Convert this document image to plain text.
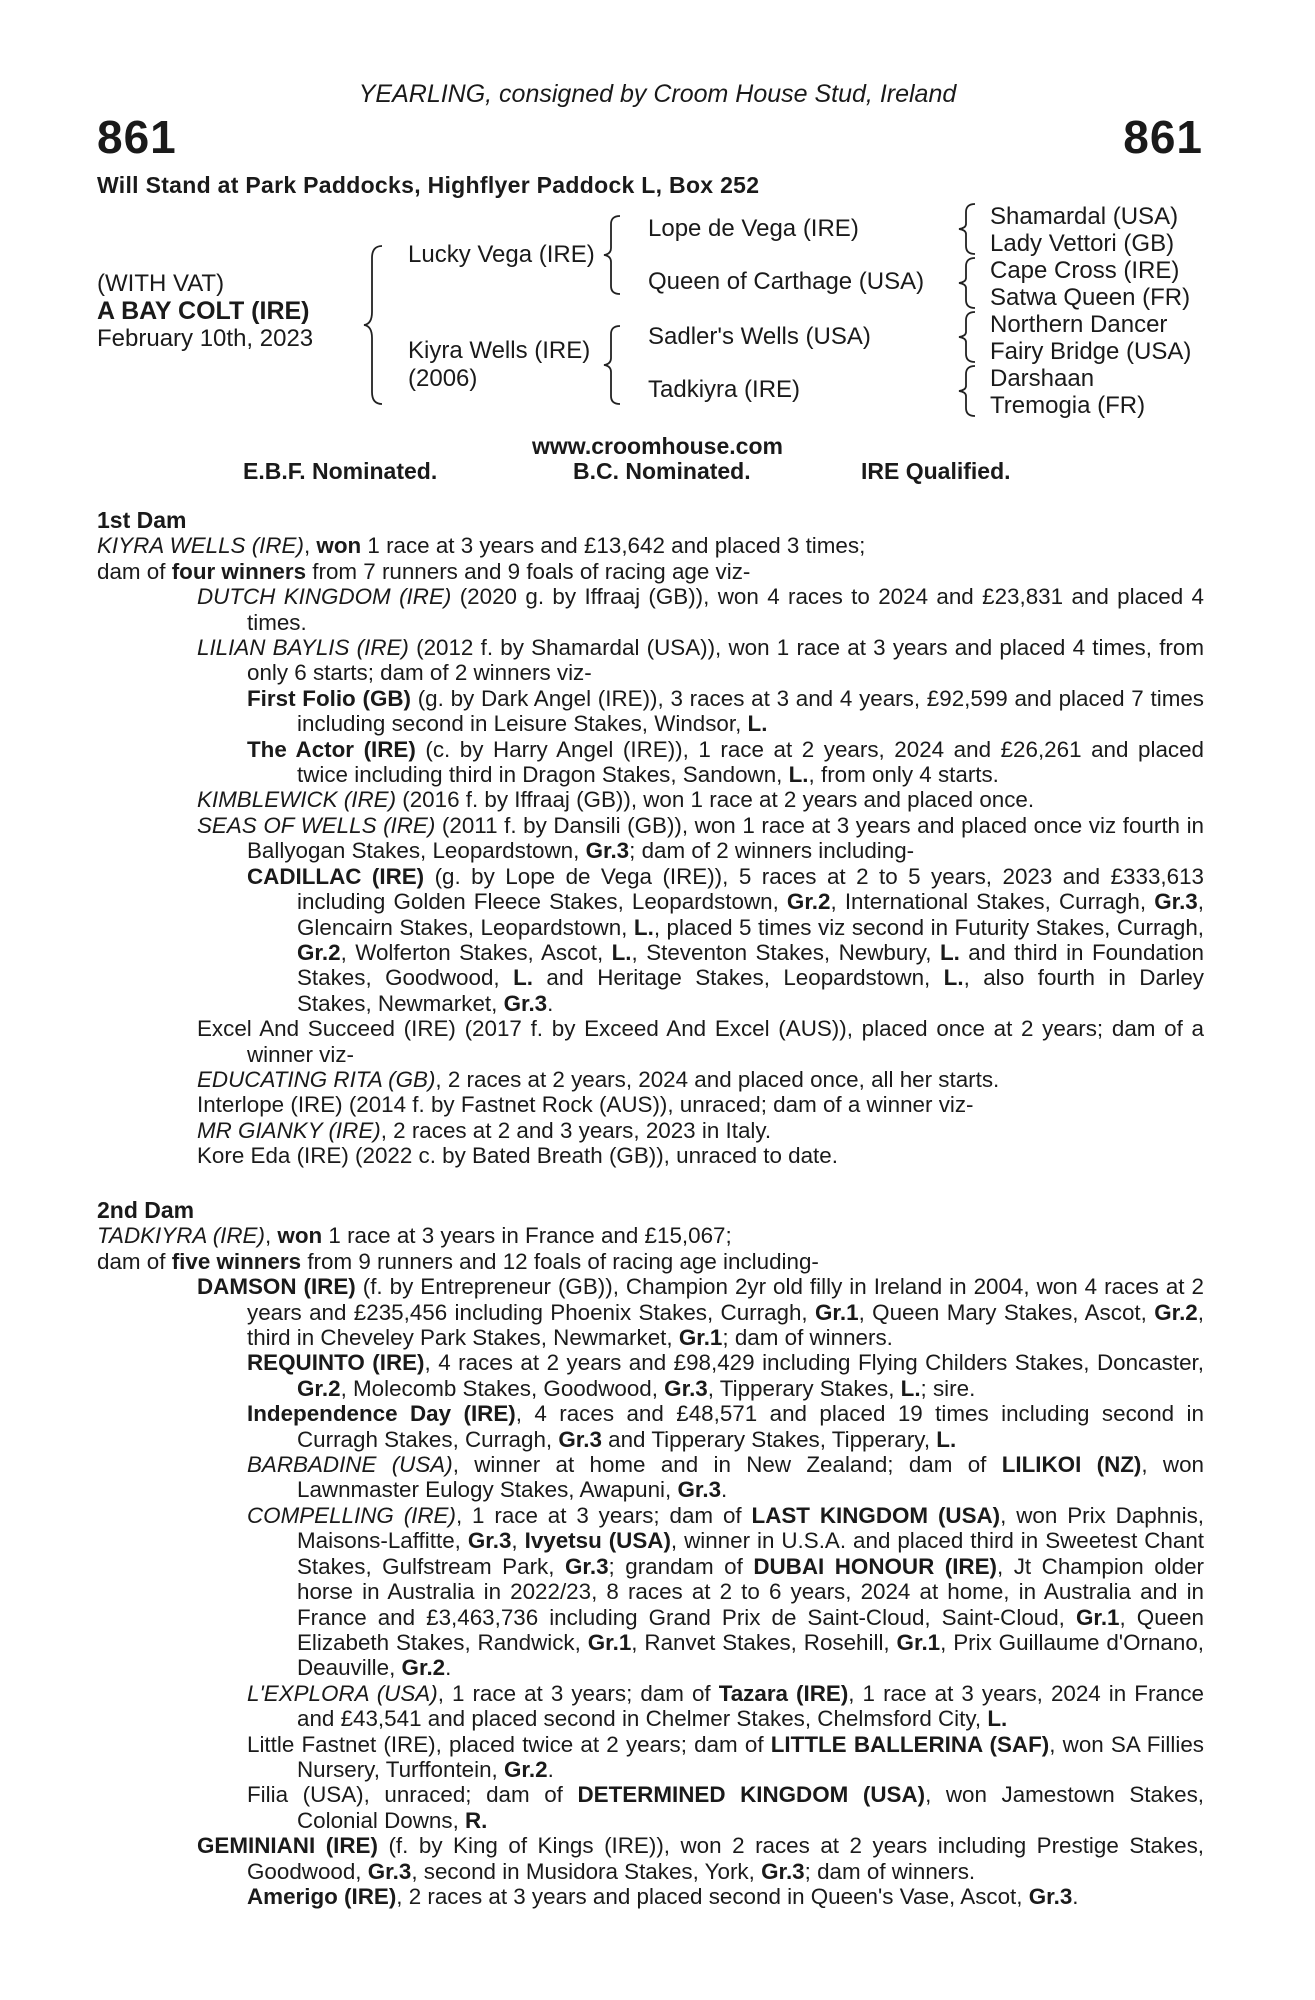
YEARLING, consigned by Croom House Stud, Ireland
861	861
Will Stand at Park Paddocks, Highflyer Paddock L, Box 252
(WITH VAT)
A BAY COLT (IRE)
February 10th, 2023
Lucky Vega (IRE)
Kiyra Wells (IRE)
(2006)
Lope de Vega (IRE)
Queen of Carthage (USA)
Sadler's Wells (USA)
Tadkiyra (IRE)
Shamardal (USA)
Lady Vettori (GB)
Cape Cross (IRE)
Satwa Queen (FR)
Northern Dancer
Fairy Bridge (USA)
Darshaan
Tremogia (FR)
www.croomhouse.com
E.B.F. Nominated.	B.C. Nominated.	IRE Qualified.
1st Dam
KIYRA WELLS (IRE), won 1 race at 3 years and £13,642 and placed 3 times;
dam of four winners from 7 runners and 9 foals of racing age viz-
DUTCH KINGDOM (IRE) (2020 g. by Iffraaj (GB)), won 4 races to 2024 and £23,831 and placed 4 times.
LILIAN BAYLIS (IRE) (2012 f. by Shamardal (USA)), won 1 race at 3 years and placed 4 times, from only 6 starts; dam of 2 winners viz-
First Folio (GB) (g. by Dark Angel (IRE)), 3 races at 3 and 4 years, £92,599 and placed 7 times including second in Leisure Stakes, Windsor, L.
The Actor (IRE) (c. by Harry Angel (IRE)), 1 race at 2 years, 2024 and £26,261 and placed twice including third in Dragon Stakes, Sandown, L., from only 4 starts.
KIMBLEWICK (IRE) (2016 f. by Iffraaj (GB)), won 1 race at 2 years and placed once.
SEAS OF WELLS (IRE) (2011 f. by Dansili (GB)), won 1 race at 3 years and placed once viz fourth in Ballyogan Stakes, Leopardstown, Gr.3; dam of 2 winners including-
CADILLAC (IRE) (g. by Lope de Vega (IRE)), 5 races at 2 to 5 years, 2023 and £333,613 including Golden Fleece Stakes, Leopardstown, Gr.2, International Stakes, Curragh, Gr.3, Glencairn Stakes, Leopardstown, L., placed 5 times viz second in Futurity Stakes, Curragh, Gr.2, Wolferton Stakes, Ascot, L., Steventon Stakes, Newbury, L. and third in Foundation Stakes, Goodwood, L. and Heritage Stakes, Leopardstown, L., also fourth in Darley Stakes, Newmarket, Gr.3.
Excel And Succeed (IRE) (2017 f. by Exceed And Excel (AUS)), placed once at 2 years; dam of a winner viz-
EDUCATING RITA (GB), 2 races at 2 years, 2024 and placed once, all her starts.
Interlope (IRE) (2014 f. by Fastnet Rock (AUS)), unraced; dam of a winner viz-
MR GIANKY (IRE), 2 races at 2 and 3 years, 2023 in Italy.
Kore Eda (IRE) (2022 c. by Bated Breath (GB)), unraced to date.
2nd Dam
TADKIYRA (IRE), won 1 race at 3 years in France and £15,067;
dam of five winners from 9 runners and 12 foals of racing age including-
DAMSON (IRE) (f. by Entrepreneur (GB)), Champion 2yr old filly in Ireland in 2004, won 4 races at 2 years and £235,456 including Phoenix Stakes, Curragh, Gr.1, Queen Mary Stakes, Ascot, Gr.2, third in Cheveley Park Stakes, Newmarket, Gr.1; dam of winners.
REQUINTO (IRE), 4 races at 2 years and £98,429 including Flying Childers Stakes, Doncaster, Gr.2, Molecomb Stakes, Goodwood, Gr.3, Tipperary Stakes, L.; sire.
Independence Day (IRE), 4 races and £48,571 and placed 19 times including second in Curragh Stakes, Curragh, Gr.3 and Tipperary Stakes, Tipperary, L.
BARBADINE (USA), winner at home and in New Zealand; dam of LILIKOI (NZ), won Lawnmaster Eulogy Stakes, Awapuni, Gr.3.
COMPELLING (IRE), 1 race at 3 years; dam of LAST KINGDOM (USA), won Prix Daphnis, Maisons-Laffitte, Gr.3, Ivyetsu (USA), winner in U.S.A. and placed third in Sweetest Chant Stakes, Gulfstream Park, Gr.3; grandam of DUBAI HONOUR (IRE), Jt Champion older horse in Australia in 2022/23, 8 races at 2 to 6 years, 2024 at home, in Australia and in France and £3,463,736 including Grand Prix de Saint-Cloud, Saint-Cloud, Gr.1, Queen Elizabeth Stakes, Randwick, Gr.1, Ranvet Stakes, Rosehill, Gr.1, Prix Guillaume d'Ornano, Deauville, Gr.2.
L'EXPLORA (USA), 1 race at 3 years; dam of Tazara (IRE), 1 race at 3 years, 2024 in France and £43,541 and placed second in Chelmer Stakes, Chelmsford City, L.
Little Fastnet (IRE), placed twice at 2 years; dam of LITTLE BALLERINA (SAF), won SA Fillies Nursery, Turffontein, Gr.2.
Filia (USA), unraced; dam of DETERMINED KINGDOM (USA), won Jamestown Stakes, Colonial Downs, R.
GEMINIANI (IRE) (f. by King of Kings (IRE)), won 2 races at 2 years including Prestige Stakes, Goodwood, Gr.3, second in Musidora Stakes, York, Gr.3; dam of winners.
Amerigo (IRE), 2 races at 3 years and placed second in Queen's Vase, Ascot, Gr.3.
